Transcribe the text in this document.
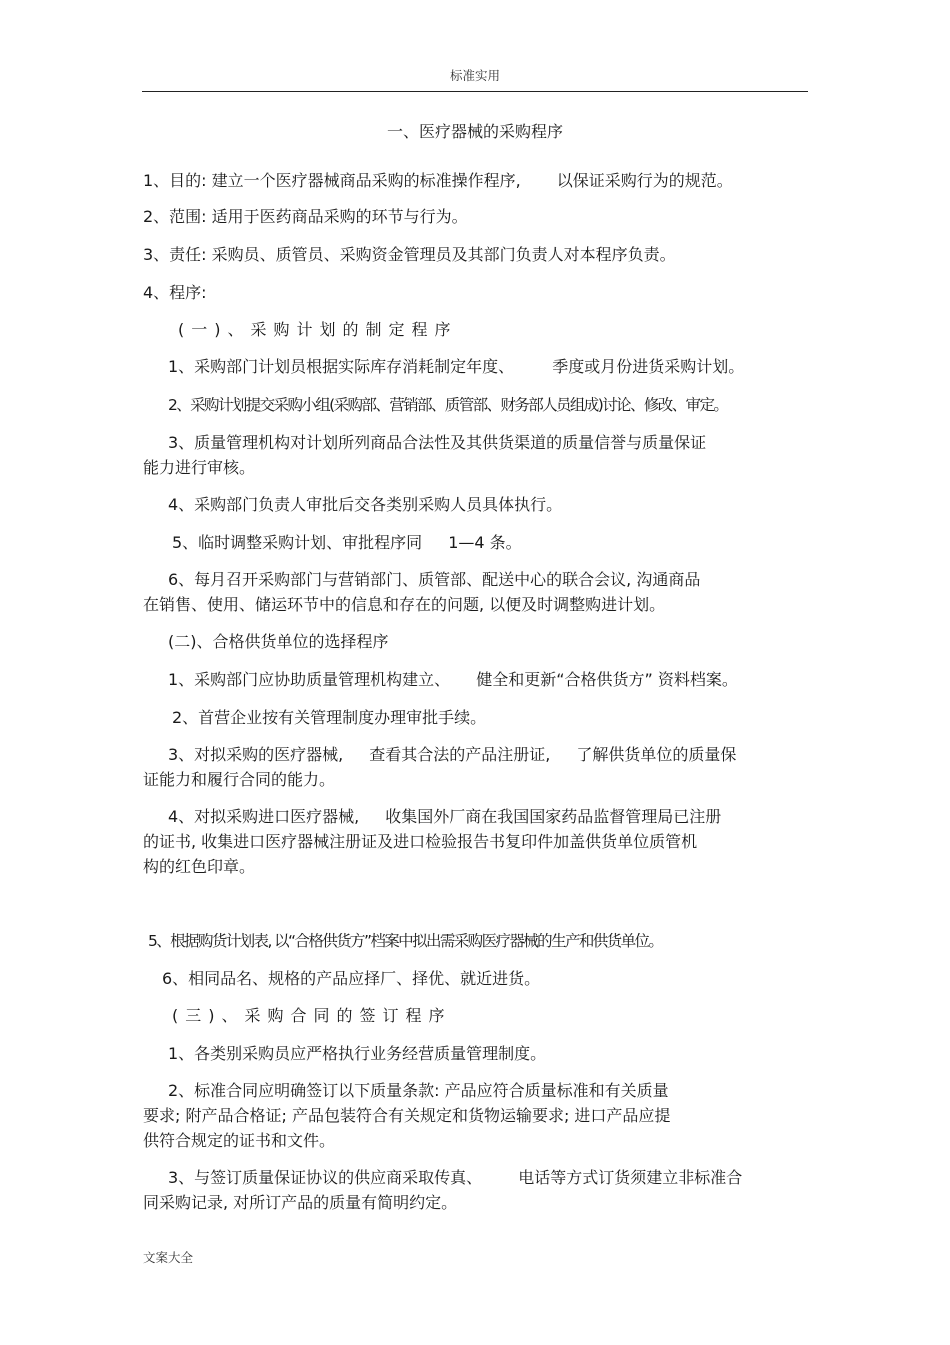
标准实用
一、医疗器械的采购程序
1、目的: 建立一个医疗器械商品采购的标准操作程序, 以保证采购行为的规范。
2、范围: 适用于医药商品采购的环节与行为。
3、责任: 采购员、质管员、采购资金管理员及其部门负责人对本程序负责。
4、程序:
(一)、采购计划的制定程序
1、采购部门计划员根据实际库存消耗制定年度、 季度或月份进货采购计划。
2、采购计划提交采购小组(采购部、营销部、质管部、财务部人员组成)讨论、修改、审定。
3、质量管理机构对计划所列商品合法性及其供货渠道的质量信誉与质量保证
能力进行审核。
4、采购部门负责人审批后交各类别采购人员具体执行。
5、临时调整采购计划、审批程序同 1—4 条。
6、每月召开采购部门与营销部门、质管部、配送中心的联合会议, 沟通商品
在销售、使用、储运环节中的信息和存在的问题, 以便及时调整购进计划。
(二)、合格供货单位的选择程序
1、采购部门应协助质量管理机构建立、 健全和更新“合格供货方” 资料档案。
2、首营企业按有关管理制度办理审批手续。
3、对拟采购的医疗器械, 查看其合法的产品注册证, 了解供货单位的质量保
证能力和履行合同的能力。
4、对拟采购进口医疗器械, 收集国外厂商在我国国家药品监督管理局已注册
的证书, 收集进口医疗器械注册证及进口检验报告书复印件加盖供货单位质管机
构的红色印章。
5、根据购货计划表, 以“合格供货方”档案中拟出需采购医疗器械的生产和供货单位。
6、相同品名、规格的产品应择厂、择优、就近进货。
(三)、采购合同的签订程序
1、各类别采购员应严格执行业务经营质量管理制度。
2、标准合同应明确签订以下质量条款: 产品应符合质量标准和有关质量
要求; 附产品合格证; 产品包装符合有关规定和货物运输要求; 进口产品应提
供符合规定的证书和文件。
3、与签订质量保证协议的供应商采取传真、 电话等方式订货须建立非标准合
同采购记录, 对所订产品的质量有简明约定。
文案大全
